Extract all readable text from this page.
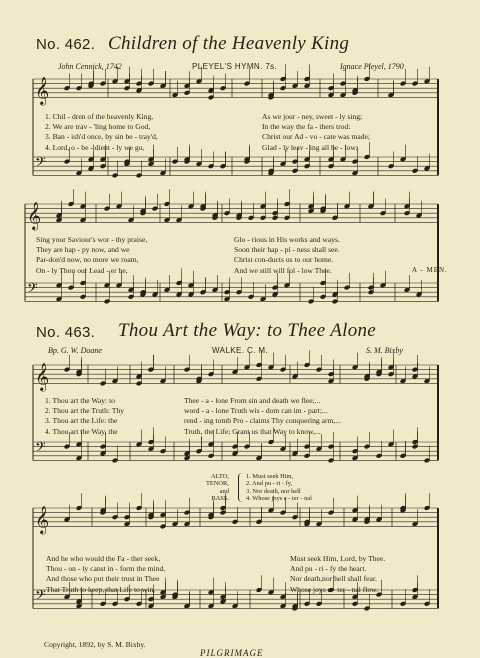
𝄞
𝄢
𝄞
𝄢
𝄞
𝄢
𝄞
𝄢
No. 462. Children of the Heavenly King
John Cennick, 1742	PLEYEL'S HYMN. 7s.	Ignace Pleyel, 1790
1. Chil - dren of the heavenly King,
2. We are trav - 'ling home to God,
3. Ban - ish'd once, by sin be - tray'd,
4. Lord, o - be - dient - ly we go,
As we jour - ney, sweet - ly sing;
In the way the fa - thers trod:
Christ our Ad - vo - cate was made;
Glad - ly leav - ing all be - low;
Sing your Saviour's wor - thy praise,
They are hap - py now, and we
Par-don'd now, no more we roam,
On - ly Thou our Lead - er be,
Glo - rious in His works and ways.
Soon their hap - pi - ness shall see.
Christ con-ducts us to our home.
And we still will fol - low Thee.	A - MEN.
No. 463. Thou Art the Way: to Thee Alone
Bp. G. W. Doane	WALKE. C. M.	S. M. Bixby
1. Thou art the Way: to
2. Thou art the Truth: Thy
3. Thou art the Life: the
4. Thou art the Way, the
Thee - a - lone From sin and death we flee;...
word - a - lone Truth wis - dom can im - part;...
rend - ing tomb Pro - claims Thy conquering arm,...
Truth, the Life; Grant us that Way to know,...
ALTO,
TENOR,
and
BASS.
1. Must seek Him,
2. And pu - ri - fy,
3. Nor death, nor hell
4. Whose joys e - ter - nal
And he who would the Fa - ther seek,
Thou - on - ly canst in - form the mind,
And those who put their trust in Thee
That Truth to keep, that Life to win,
Must seek Him, Lord, by Thee.
And pu - ri - fy the heart.
Nor death,nor hell shall fear.
Whose joys e - ter - nal flow.
Copyright, 1892, by S. M. Bixby.
PILGRIMAGE
